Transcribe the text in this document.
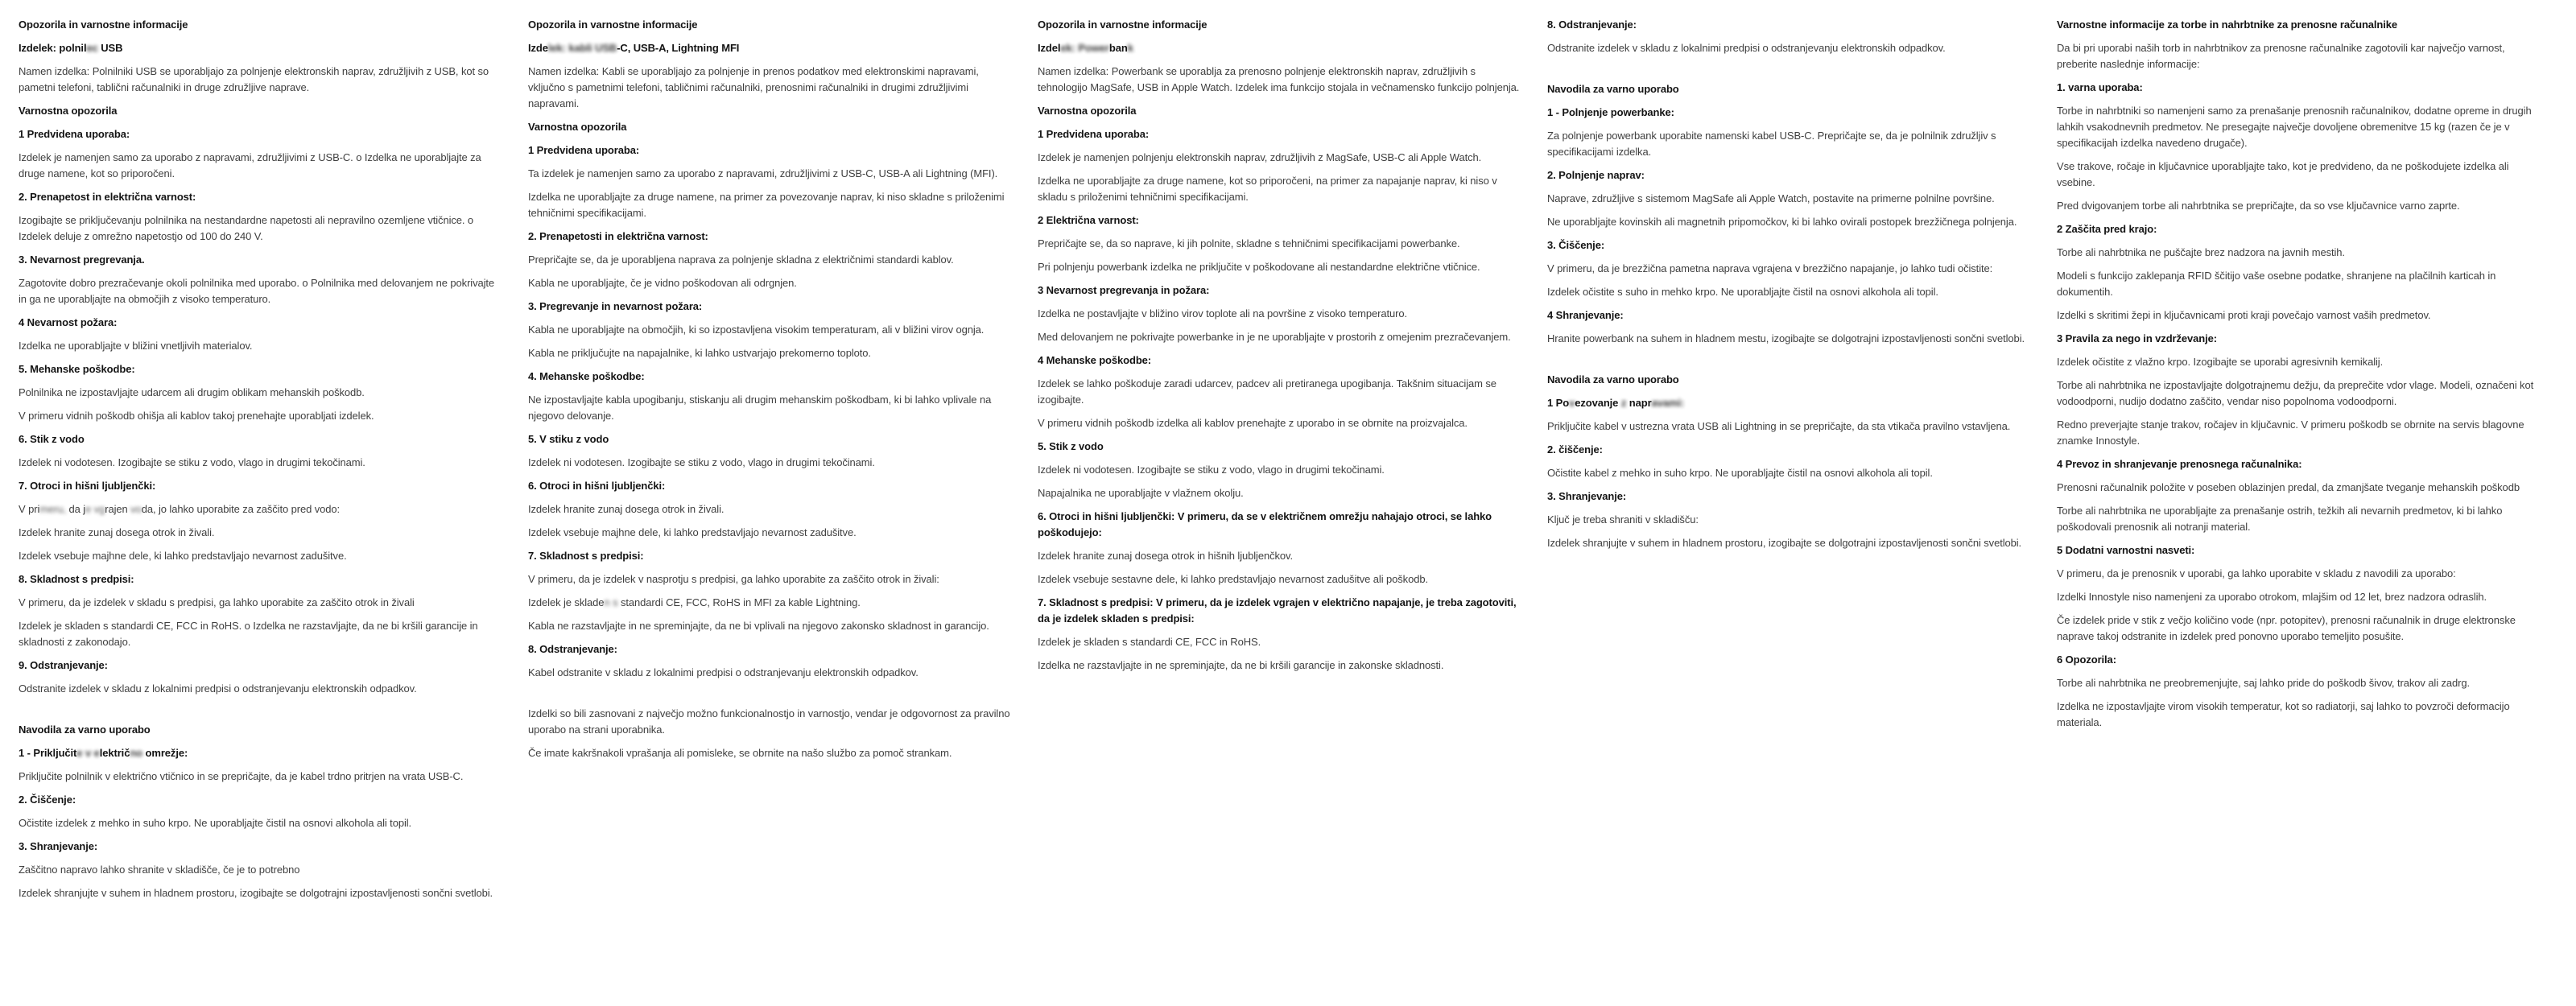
Opozorila in varnostne informacije
Izdelek: polnilec USB
Namen izdelka: Polnilniki USB se uporabljajo za polnjenje elektronskih naprav, združljivih z USB, kot so pametni telefoni, tablični računalniki in druge združljive naprave.
Varnostna opozorila
1 Predvidena uporaba:
Izdelek je namenjen samo za uporabo z napravami, združljivimi z USB-C. o Izdelka ne uporabljajte za druge namene, kot so priporočeni.
2. Prenapetost in električna varnost:
Izogibajte se priključevanju polnilnika na nestandardne napetosti ali nepravilno ozemljene vtičnice. o Izdelek deluje z omrežno napetostjo od 100 do 240 V.
3. Nevarnost pregrevanja.
Zagotovite dobro prezračevanje okoli polnilnika med uporabo. o Polnilnika med delovanjem ne pokrivajte in ga ne uporabljajte na območjih z visoko temperaturo.
4 Nevarnost požara:
Izdelka ne uporabljajte v bližini vnetljivih materialov.
5. Mehanske poškodbe:
Polnilnika ne izpostavljajte udarcem ali drugim oblikam mehanskih poškodb.
V primeru vidnih poškodb ohišja ali kablov takoj prenehajte uporabljati izdelek.
6. Stik z vodo
Izdelek ni vodotesen. Izogibajte se stiku z vodo, vlago in drugimi tekočinami.
7. Otroci in hišni ljubljenčki:
V primeru, da je vgrajen voda, jo lahko uporabite za zaščito pred vodo:
Izdelek hranite zunaj dosega otrok in živali.
Izdelek vsebuje majhne dele, ki lahko predstavljajo nevarnost zadušitve.
8. Skladnost s predpisi:
V primeru, da je izdelek v skladu s predpisi, ga lahko uporabite za zaščito otrok in živali
Izdelek je skladen s standardi CE, FCC in RoHS. o Izdelka ne razstavljajte, da ne bi kršili garancije in skladnosti z zakonodajo.
9. Odstranjevanje:
Odstranite izdelek v skladu z lokalnimi predpisi o odstranjevanju elektronskih odpadkov.
Navodila za varno uporabo
1 - Priključite v električno omrežje:
Priključite polnilnik v električno vtičnico in se prepričajte, da je kabel trdno pritrjen na vrata USB-C.
2. Čiščenje:
Očistite izdelek z mehko in suho krpo. Ne uporabljajte čistil na osnovi alkohola ali topil.
3. Shranjevanje:
Zaščitno napravo lahko shranite v skladišče, če je to potrebno
Izdelek shranjujte v suhem in hladnem prostoru, izogibajte se dolgotrajni izpostavljenosti sončni svetlobi.
Opozorila in varnostne informacije
Izdelek: kabli USB-C, USB-A, Lightning MFI
Namen izdelka: Kabli se uporabljajo za polnjenje in prenos podatkov med elektronskimi napravami, vključno s pametnimi telefoni, tabličnimi računalniki, prenosnimi računalniki in drugimi združljivimi napravami.
Varnostna opozorila
1 Predvidena uporaba:
Ta izdelek je namenjen samo za uporabo z napravami, združljivimi z USB-C, USB-A ali Lightning (MFI).
Izdelka ne uporabljajte za druge namene, na primer za povezovanje naprav, ki niso skladne s priloženimi tehničnimi specifikacijami.
2. Prenapetosti in električna varnost:
Prepričajte se, da je uporabljena naprava za polnjenje skladna z električnimi standardi kablov.
Kabla ne uporabljajte, če je vidno poškodovan ali odrgnjen.
3. Pregrevanje in nevarnost požara:
Kabla ne uporabljajte na območjih, ki so izpostavljena visokim temperaturam, ali v bližini virov ognja.
Kabla ne priključujte na napajalnike, ki lahko ustvarjajo prekomerno toploto.
4. Mehanske poškodbe:
Ne izpostavljajte kabla upogibanju, stiskanju ali drugim mehanskim poškodbam, ki bi lahko vplivale na njegovo delovanje.
5. V stiku z vodo
Izdelek ni vodotesen. Izogibajte se stiku z vodo, vlago in drugimi tekočinami.
6. Otroci in hišni ljubljenčki:
Izdelek hranite zunaj dosega otrok in živali.
Izdelek vsebuje majhne dele, ki lahko predstavljajo nevarnost zadušitve.
7. Skladnost s predpisi:
V primeru, da je izdelek v nasprotju s predpisi, ga lahko uporabite za zaščito otrok in živali:
Izdelek je skladen s standardi CE, FCC, RoHS in MFI za kable Lightning.
Kabla ne razstavljajte in ne spreminjajte, da ne bi vplivali na njegovo zakonsko skladnost in garancijo.
8. Odstranjevanje:
Kabel odstranite v skladu z lokalnimi predpisi o odstranjevanju elektronskih odpadkov.
Izdelki so bili zasnovani z največjo možno funkcionalnostjo in varnostjo, vendar je odgovornost za pravilno uporabo na strani uporabnika.
Če imate kakršnakoli vprašanja ali pomisleke, se obrnite na našo službo za pomoč strankam.
Opozorila in varnostne informacije
Izdelek: Powerbank
Namen izdelka: Powerbank se uporablja za prenosno polnjenje elektronskih naprav, združljivih s tehnologijo MagSafe, USB in Apple Watch. Izdelek ima funkcijo stojala in večnamensko funkcijo polnjenja.
Varnostna opozorila
1 Predvidena uporaba:
Izdelek je namenjen polnjenju elektronskih naprav, združljivih z MagSafe, USB-C ali Apple Watch.
Izdelka ne uporabljajte za druge namene, kot so priporočeni, na primer za napajanje naprav, ki niso v skladu s priloženimi tehničnimi specifikacijami.
2 Električna varnost:
Prepričajte se, da so naprave, ki jih polnite, skladne s tehničnimi specifikacijami powerbanke.
Pri polnjenju powerbank izdelka ne priključite v poškodovane ali nestandardne električne vtičnice.
3 Nevarnost pregrevanja in požara:
Izdelka ne postavljajte v bližino virov toplote ali na površine z visoko temperaturo.
Med delovanjem ne pokrivajte powerbanke in je ne uporabljajte v prostorih z omejenim prezračevanjem.
4 Mehanske poškodbe:
Izdelek se lahko poškoduje zaradi udarcev, padcev ali pretiranega upogibanja. Takšnim situacijam se izogibajte.
V primeru vidnih poškodb izdelka ali kablov prenehajte z uporabo in se obrnite na proizvajalca.
5. Stik z vodo
Izdelek ni vodotesen. Izogibajte se stiku z vodo, vlago in drugimi tekočinami.
Napajalnika ne uporabljajte v vlažnem okolju.
6. Otroci in hišni ljubljenčki: V primeru, da se v električnem omrežju nahajajo otroci, se lahko poškodujejo:
Izdelek hranite zunaj dosega otrok in hišnih ljubljenčkov.
Izdelek vsebuje sestavne dele, ki lahko predstavljajo nevarnost zadušitve ali poškodb.
7. Skladnost s predpisi: V primeru, da je izdelek vgrajen v električno napajanje, je treba zagotoviti, da je izdelek skladen s predpisi:
Izdelek je skladen s standardi CE, FCC in RoHS.
Izdelka ne razstavljajte in ne spreminjajte, da ne bi kršili garancije in zakonske skladnosti.
8. Odstranjevanje:
Odstranite izdelek v skladu z lokalnimi predpisi o odstranjevanju elektronskih odpadkov.
Navodila za varno uporabo
1 - Polnjenje powerbanke:
Za polnjenje powerbank uporabite namenski kabel USB-C. Prepričajte se, da je polnilnik združljiv s specifikacijami izdelka.
2. Polnjenje naprav:
Naprave, združljive s sistemom MagSafe ali Apple Watch, postavite na primerne polnilne površine.
Ne uporabljajte kovinskih ali magnetnih pripomočkov, ki bi lahko ovirali postopek brezžičnega polnjenja.
3. Čiščenje:
V primeru, da je brezžična pametna naprava vgrajena v brezžično napajanje, jo lahko tudi očistite:
Izdelek očistite s suho in mehko krpo. Ne uporabljajte čistil na osnovi alkohola ali topil.
4 Shranjevanje:
Hranite powerbank na suhem in hladnem mestu, izogibajte se dolgotrajni izpostavljenosti sončni svetlobi.
Navodila za varno uporabo
1 Povezovanje z napravami:
Priključite kabel v ustrezna vrata USB ali Lightning in se prepričajte, da sta vtikača pravilno vstavljena.
2. čiščenje:
Očistite kabel z mehko in suho krpo. Ne uporabljajte čistil na osnovi alkohola ali topil.
3. Shranjevanje:
Ključ je treba shraniti v skladišču:
Izdelek shranjujte v suhem in hladnem prostoru, izogibajte se dolgotrajni izpostavljenosti sončni svetlobi.
Varnostne informacije za torbe in nahrbtnike za prenosne računalnike
Da bi pri uporabi naših torb in nahrbtnikov za prenosne računalnike zagotovili kar največjo varnost, preberite naslednje informacije:
1. varna uporaba:
Torbe in nahrbtniki so namenjeni samo za prenašanje prenosnih računalnikov, dodatne opreme in drugih lahkih vsakodnevnih predmetov. Ne presegajte največje dovoljene obremenitve 15 kg (razen če je v specifikacijah izdelka navedeno drugače).
Vse trakove, ročaje in ključavnice uporabljajte tako, kot je predvideno, da ne poškodujete izdelka ali vsebine.
Pred dvigovanjem torbe ali nahrbtnika se prepričajte, da so vse ključavnice varno zaprte.
2 Zaščita pred krajo:
Torbe ali nahrbtnika ne puščajte brez nadzora na javnih mestih.
Modeli s funkcijo zaklepanja RFID ščitijo vaše osebne podatke, shranjene na plačilnih karticah in dokumentih.
Izdelki s skritimi žepi in ključavnicami proti kraji povečajo varnost vaših predmetov.
3 Pravila za nego in vzdrževanje:
Izdelek očistite z vlažno krpo. Izogibajte se uporabi agresivnih kemikalij.
Torbe ali nahrbtnika ne izpostavljajte dolgotrajnemu dežju, da preprečite vdor vlage. Modeli, označeni kot vodoodporni, nudijo dodatno zaščito, vendar niso popolnoma vodoodporni.
Redno preverjajte stanje trakov, ročajev in ključavnic. V primeru poškodb se obrnite na servis blagovne znamke Innostyle.
4 Prevoz in shranjevanje prenosnega računalnika:
Prenosni računalnik položite v poseben oblazinjen predal, da zmanjšate tveganje mehanskih poškodb
Torbe ali nahrbtnika ne uporabljajte za prenašanje ostrih, težkih ali nevarnih predmetov, ki bi lahko poškodovali prenosnik ali notranji material.
5 Dodatni varnostni nasveti:
V primeru, da je prenosnik v uporabi, ga lahko uporabite v skladu z navodili za uporabo:
Izdelki Innostyle niso namenjeni za uporabo otrokom, mlajšim od 12 let, brez nadzora odraslih.
Če izdelek pride v stik z večjo količino vode (npr. potopitev), prenosni računalnik in druge elektronske naprave takoj odstranite in izdelek pred ponovno uporabo temeljito posušite.
6 Opozorila:
Torbe ali nahrbtnika ne preobremenjujte, saj lahko pride do poškodb šivov, trakov ali zadrg.
Izdelka ne izpostavljajte virom visokih temperatur, kot so radiatorji, saj lahko to povzroči deformacijo materiala.
